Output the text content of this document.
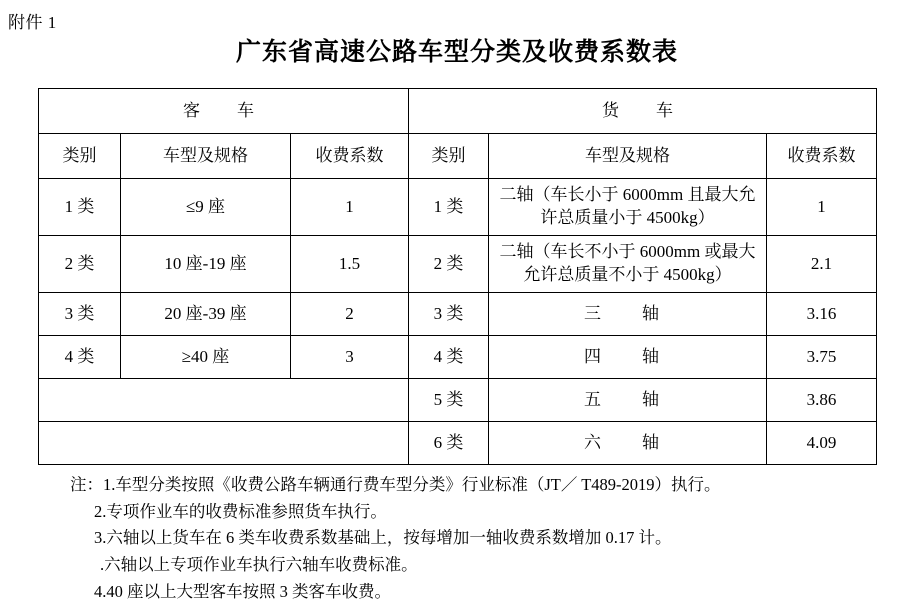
附件 1
广东省高速公路车型分类及收费系数表
客　车			货　车		
类别	车型及规格	收费系数	类别	车型及规格	收费系数
1 类	≤9 座	1	1 类	二轴（车长小于 6000mm 且最大允许总质量小于 4500kg）	1
2 类	10 座-19 座	1.5	2 类	二轴（车长不小于 6000mm 或最大允许总质量不小于 4500kg）	2.1
3 类	20 座-39 座	2	3 类	三　轴	3.16
4 类	≥40 座	3	4 类	四　轴	3.75
			5 类	五　轴	3.86
			6 类	六　轴	4.09
注：1.车型分类按照《收费公路车辆通行费车型分类》行业标准（JT／ T489-2019）执行。
2.专项作业车的收费标准参照货车执行。
3.六轴以上货车在 6 类车收费系数基础上，按每增加一轴收费系数增加 0.17 计。
.六轴以上专项作业车执行六轴车收费标准。
4.40 座以上大型客车按照 3 类客车收费。
